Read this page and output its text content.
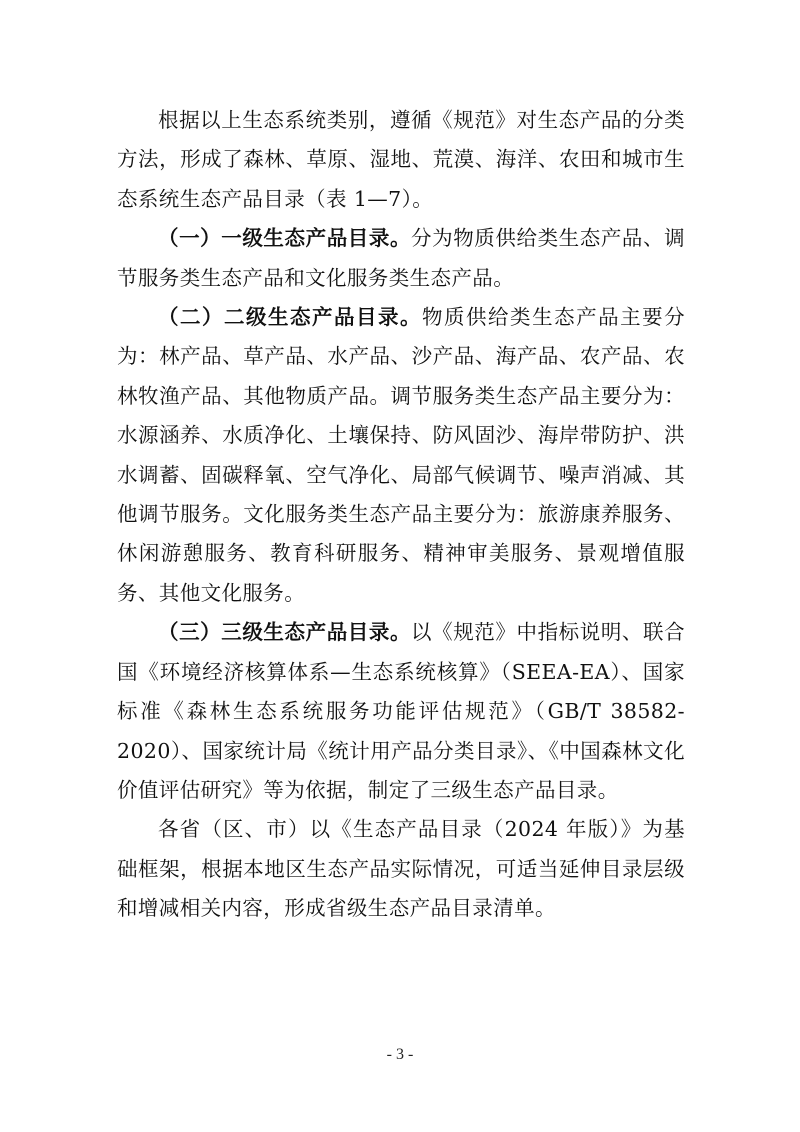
根据以上生态系统类别，遵循《规范》对生态产品的分类方法，形成了森林、草原、湿地、荒漠、海洋、农田和城市生态系统生态产品目录（表 1—7）。

（一）一级生态产品目录。分为物质供给类生态产品、调节服务类生态产品和文化服务类生态产品。

（二）二级生态产品目录。物质供给类生态产品主要分为：林产品、草产品、水产品、沙产品、海产品、农产品、农林牧渔产品、其他物质产品。调节服务类生态产品主要分为：水源涵养、水质净化、土壤保持、防风固沙、海岸带防护、洪水调蓄、固碳释氧、空气净化、局部气候调节、噪声消减、其他调节服务。文化服务类生态产品主要分为：旅游康养服务、休闲游憩服务、教育科研服务、精神审美服务、景观增值服务、其他文化服务。

（三）三级生态产品目录。以《规范》中指标说明、联合国《环境经济核算体系—生态系统核算》（SEEA-EA）、国家标准《森林生态系统服务功能评估规范》（GB/T 38582-2020）、国家统计局《统计用产品分类目录》、《中国森林文化价值评估研究》等为依据，制定了三级生态产品目录。

各省（区、市）以《生态产品目录（2024 年版）》为基础框架，根据本地区生态产品实际情况，可适当延伸目录层级和增减相关内容，形成省级生态产品目录清单。

- 3 -
